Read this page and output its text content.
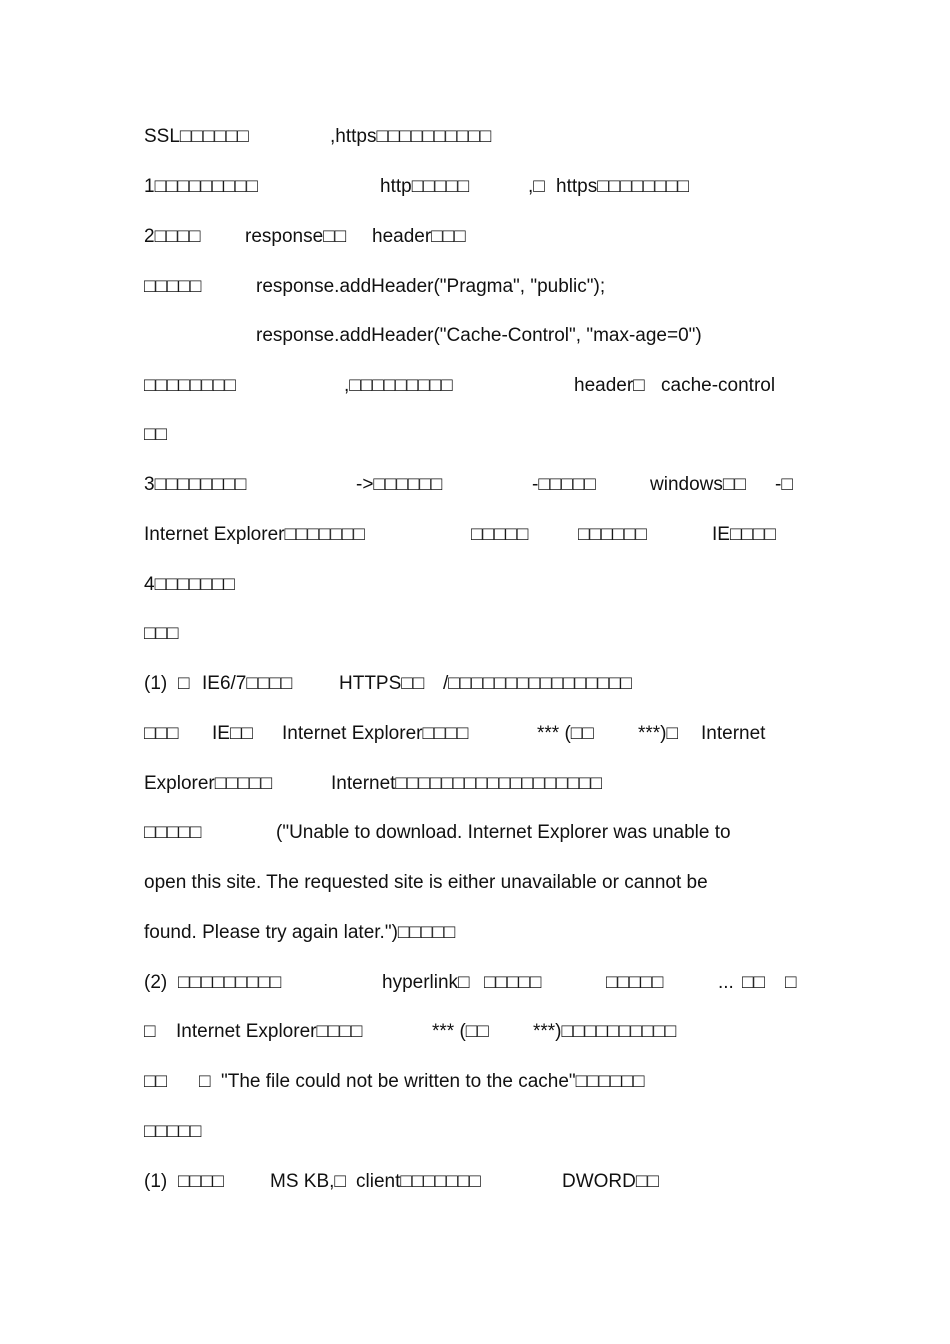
SSL□□□□□□	,https□□□□□□□□□□
1□□□□□□□□□	http□□□□□	,□ https□□□□□□□□
2□□□□ response□□ header□□□
□□□□□	response.addHeader("Pragma", "public");
response.addHeader("Cache-Control", "max-age=0")
□□□□□□□□	,□□□□□□□□□	header□ cache-control
□□
3□□□□□□□□	->□□□□□□	-□□□□□	windows□□ -□
Internet Explorer□□□□□□□	□□□□□	□□□□□□	IE□□□□
4□□□□□□□
□□□
(1) □ IE6/7□□□□ HTTPS□□ /□□□□□□□□□□□□□□□□
□□□ IE□□ Internet Explorer□□□□	*** (□□ ***)□ Internet
Explorer□□□□□	Internet□□□□□□□□□□□□□□□□□□
□□□□□	("Unable to download. Internet Explorer was unable to
open this site. The requested site is either unavailable or cannot be
found. Please try again later.")□□□□□
(2) □□□□□□□□□	hyperlink□ □□□□□	□□□□□	... □□ □
□ Internet Explorer□□□□	*** (□□ ***)□□□□□□□□□□
□□ □ "The file could not be written to the cache"□□□□□□
□□□□□
(1) □□□□ MS KB,□ client□□□□□□□	DWORD□□
